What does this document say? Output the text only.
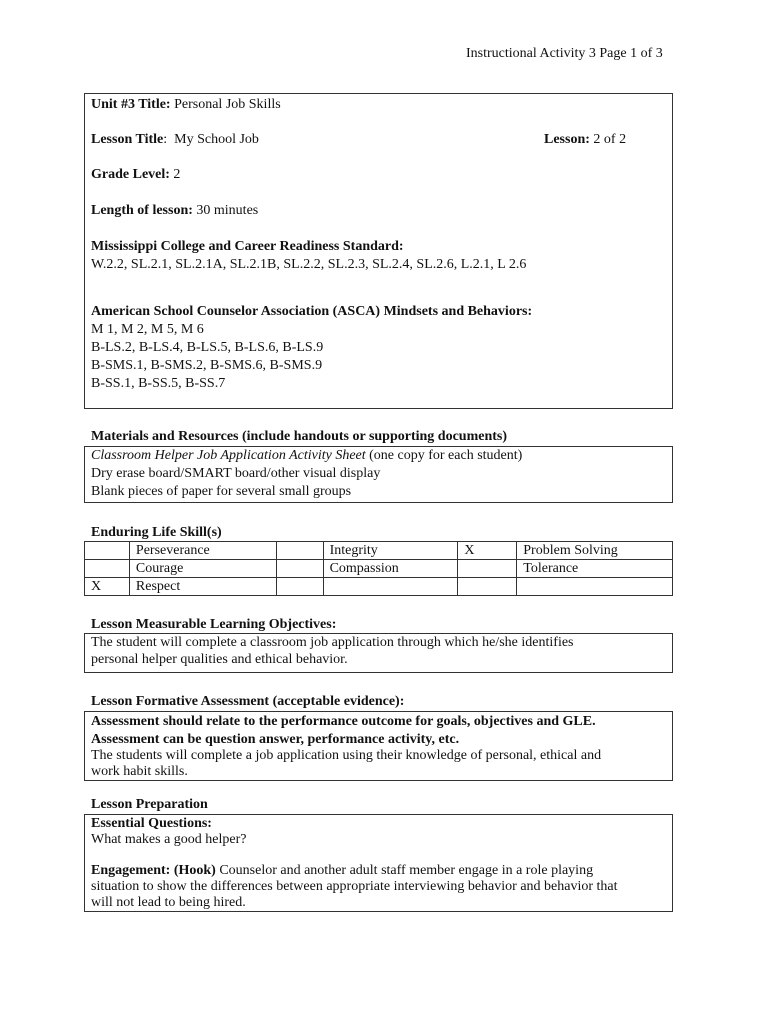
Instructional Activity 3 Page 1 of 3
Unit #3 Title: Personal Job Skills
Lesson Title:  My School Job	Lesson: 2 of 2
Grade Level: 2
Length of lesson: 30 minutes
Mississippi College and Career Readiness Standard:
W.2.2, SL.2.1, SL.2.1A, SL.2.1B, SL.2.2, SL.2.3, SL.2.4, SL.2.6, L.2.1, L 2.6
American School Counselor Association (ASCA) Mindsets and Behaviors:
M 1, M 2, M 5, M 6
B-LS.2, B-LS.4, B-LS.5, B-LS.6, B-LS.9
B-SMS.1, B-SMS.2, B-SMS.6, B-SMS.9
B-SS.1, B-SS.5, B-SS.7
Materials and Resources (include handouts or supporting documents)
Classroom Helper Job Application Activity Sheet (one copy for each student)
Dry erase board/SMART board/other visual display
Blank pieces of paper for several small groups
Enduring Life Skill(s)
	Perseverance		Integrity	X	Problem Solving
	Courage		Compassion		Tolerance
X	Respect				
Lesson Measurable Learning Objectives:
The student will complete a classroom job application through which he/she identifies
personal helper qualities and ethical behavior.
Lesson Formative Assessment (acceptable evidence):
Assessment should relate to the performance outcome for goals, objectives and GLE.
Assessment can be question answer, performance activity, etc.
The students will complete a job application using their knowledge of personal, ethical and
work habit skills.
Lesson Preparation
Essential Questions:
What makes a good helper?
Engagement: (Hook) Counselor and another adult staff member engage in a role playing
situation to show the differences between appropriate interviewing behavior and behavior that
will not lead to being hired.
